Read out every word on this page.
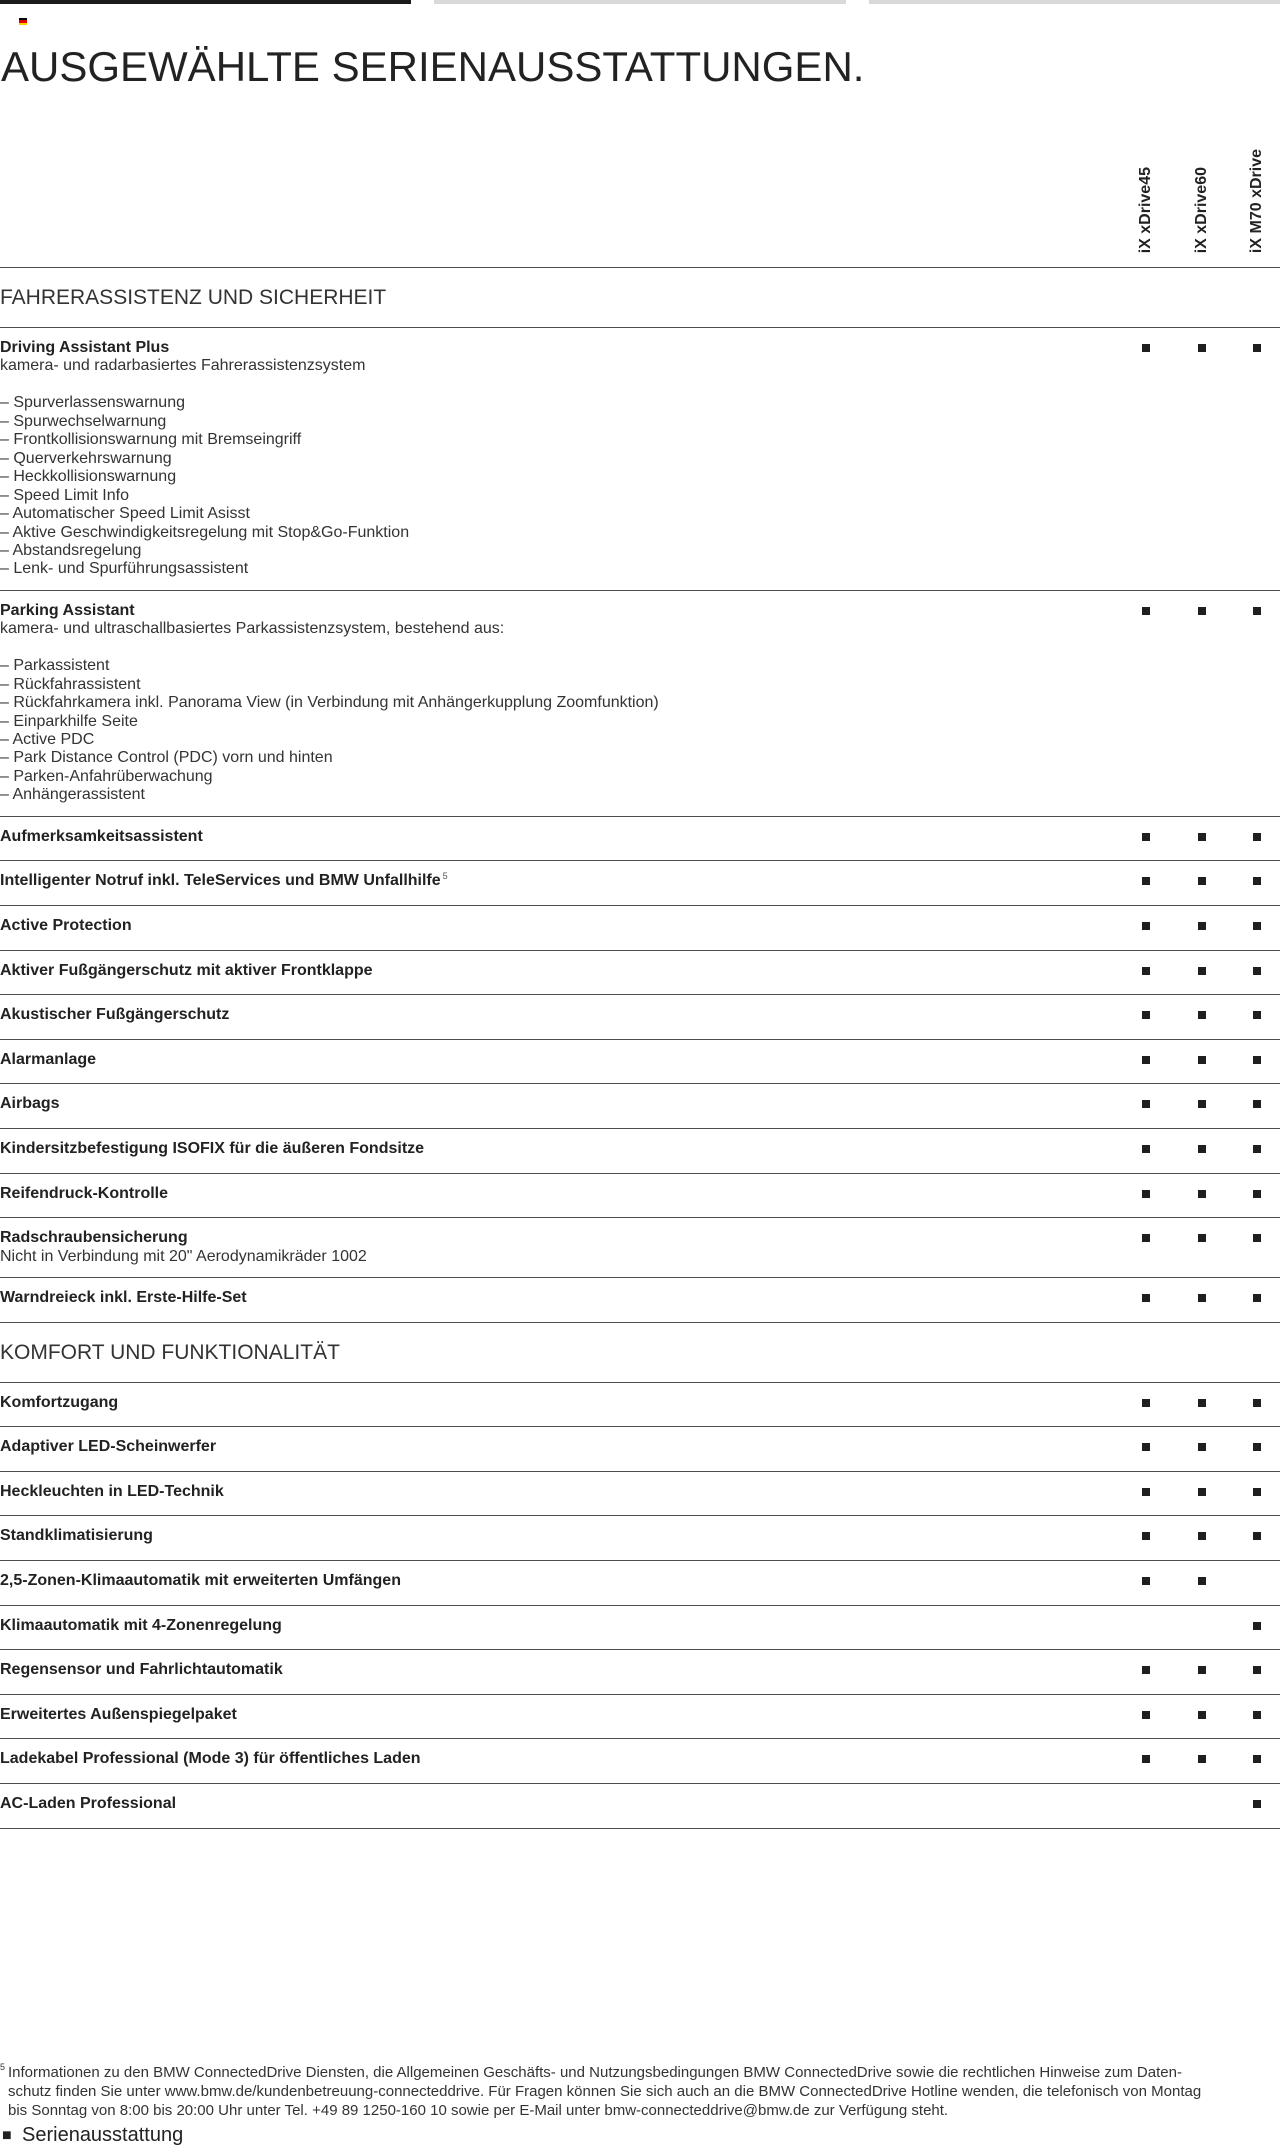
AUSGEWÄHLTE SERIENAUSSTATTUNGEN.
iX xDrive45 iX xDrive60 iX M70 xDrive
FAHRERASSISTENZ UND SICHERHEIT
Driving Assistant Plus
kamera- und radarbasiertes Fahrerassistenzsystem
– Spurverlassenswarnung
– Spurwechselwarnung
– Frontkollisionswarnung mit Bremseingriff
– Querverkehrswarnung
– Heckkollisionswarnung
– Speed Limit Info
– Automatischer Speed Limit Asisst
– Aktive Geschwindigkeitsregelung mit Stop&Go-Funktion
– Abstandsregelung
– Lenk- und Spurführungsassistent
Parking Assistant
kamera- und ultraschallbasiertes Parkassistenzsystem, bestehend aus:
– Parkassistent
– Rückfahrassistent
– Rückfahrkamera inkl. Panorama View (in Verbindung mit Anhängerkupplung Zoomfunktion)
– Einparkhilfe Seite
– Active PDC
– Park Distance Control (PDC) vorn und hinten
– Parken-Anfahrüberwachung
– Anhängerassistent
Aufmerksamkeitsassistent
Intelligenter Notruf inkl. TeleServices und BMW Unfallhilfe $^5$
Active Protection
Aktiver Fußgängerschutz mit aktiver Frontklappe
Akustischer Fußgängerschutz
Alarmanlage
Airbags
Kindersitzbefestigung ISOFIX für die äußeren Fondsitze
Reifendruck-Kontrolle
Radschraubensicherung
Nicht in Verbindung mit 20" Aerodynamikräder 1002
Warndreieck inkl. Erste-Hilfe-Set
KOMFORT UND FUNKTIONALITÄT
Komfortzugang
Adaptiver LED-Scheinwerfer
Heckleuchten in LED-Technik
Standklimatisierung
2,5-Zonen-Klimaautomatik mit erweiterten Umfängen
Klimaautomatik mit 4-Zonenregelung
Regensensor und Fahrlichtautomatik
Erweitertes Außenspiegelpaket
Ladekabel Professional (Mode 3) für öffentliches Laden
AC-Laden Professional
5 Informationen zu den BMW ConnectedDrive Diensten, die Allgemeinen Geschäfts- und Nutzungsbedingungen BMW ConnectedDrive sowie die rechtlichen Hinweise zum Daten-
schutz finden Sie unter www.bmw.de/kundenbetreuung-connecteddrive. Für Fragen können Sie sich auch an die BMW ConnectedDrive Hotline wenden, die telefonisch von Montag
bis Sonntag von 8:00 bis 20:00 Uhr unter Tel. +49 89 1250-160 10 sowie per E-Mail unter bmw-connecteddrive@bmw.de zur Verfügung steht.
■ Serienausstattung
